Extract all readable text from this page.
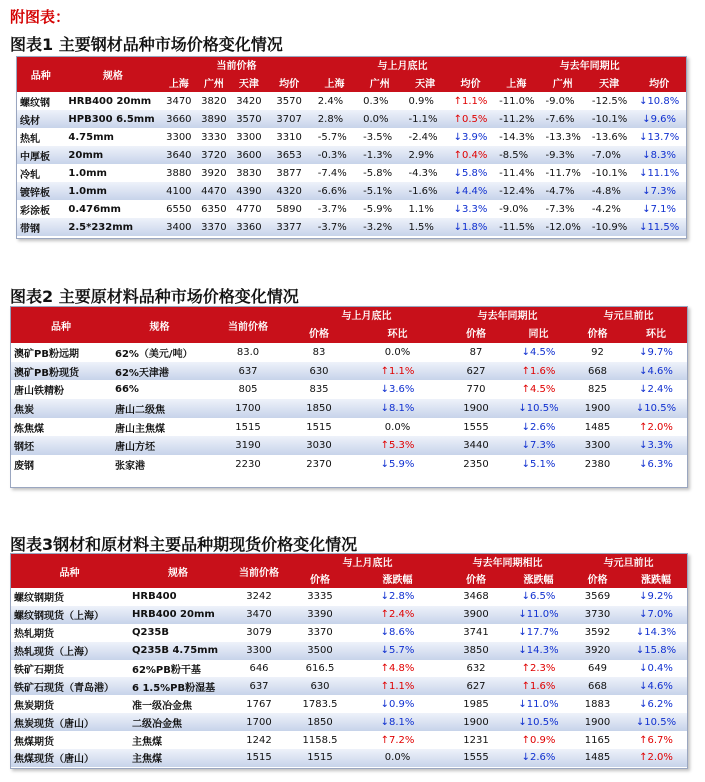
附图表：
图表1 主要钢材品种市场价格变化情况
品种	规格	当前价格				与上月底比				与去年同期比			
		上海	广州	天津	均价	上海	广州	天津	均价	上海	广州	天津	均价
螺纹钢	HRB400 20mm	3470	3820	3420	3570	2.4%	0.3%	0.9%	↑1.1%	-11.0%	-9.0%	-12.5%	↓10.8%
线材	HPB300 6.5mm	3660	3890	3570	3707	2.8%	0.0%	-1.1%	↑0.5%	-11.2%	-7.6%	-10.1%	↓9.6%
热轧	4.75mm	3300	3330	3300	3310	-5.7%	-3.5%	-2.4%	↓3.9%	-14.3%	-13.3%	-13.6%	↓13.7%
中厚板	20mm	3640	3720	3600	3653	-0.3%	-1.3%	2.9%	↑0.4%	-8.5%	-9.3%	-7.0%	↓8.3%
冷轧	1.0mm	3880	3920	3830	3877	-7.4%	-5.8%	-4.3%	↓5.8%	-11.4%	-11.7%	-10.1%	↓11.1%
镀锌板	1.0mm	4100	4470	4390	4320	-6.6%	-5.1%	-1.6%	↓4.4%	-12.4%	-4.7%	-4.8%	↓7.3%
彩涂板	0.476mm	6550	6350	4770	5890	-3.7%	-5.9%	1.1%	↓3.3%	-9.0%	-7.3%	-4.2%	↓7.1%
带钢	2.5*232mm	3400	3370	3360	3377	-3.7%	-3.2%	1.5%	↓1.8%	-11.5%	-12.0%	-10.9%	↓11.5%
图表2 主要原材料品种市场价格变化情况
品种	规格	当前价格	与上月底比		与去年同期比		与元旦前比	
			价格	环比	价格	同比	价格	环比
澳矿PB粉远期	62%（美元/吨）	83.0	83	0.0%	87	↓4.5%	92	↓9.7%
澳矿PB粉现货	62%天津港	637	630	↑1.1%	627	↑1.6%	668	↓4.6%
唐山铁精粉	66%	805	835	↓3.6%	770	↑4.5%	825	↓2.4%
焦炭	唐山二级焦	1700	1850	↓8.1%	1900	↓10.5%	1900	↓10.5%
炼焦煤	唐山主焦煤	1515	1515	0.0%	1555	↓2.6%	1485	↑2.0%
钢坯	唐山方坯	3190	3030	↑5.3%	3440	↓7.3%	3300	↓3.3%
废钢	张家港	2230	2370	↓5.9%	2350	↓5.1%	2380	↓6.3%
图表3钢材和原材料主要品种期现货价格变化情况
品种	规格	当前价格	与上月底比		与去年同期相比		与元旦前比	
			价格	涨跌幅	价格	涨跌幅	价格	涨跌幅
螺纹钢期货	HRB400	3242	3335	↓2.8%	3468	↓6.5%	3569	↓9.2%
螺纹钢现货（上海）	HRB400 20mm	3470	3390	↑2.4%	3900	↓11.0%	3730	↓7.0%
热轧期货	Q235B	3079	3370	↓8.6%	3741	↓17.7%	3592	↓14.3%
热轧现货（上海）	Q235B 4.75mm	3300	3500	↓5.7%	3850	↓14.3%	3920	↓15.8%
铁矿石期货	62%PB粉干基	646	616.5	↑4.8%	632	↑2.3%	649	↓0.4%
铁矿石现货（青岛港）	6 1.5%PB粉湿基	637	630	↑1.1%	627	↑1.6%	668	↓4.6%
焦炭期货	准一级冶金焦	1767	1783.5	↓0.9%	1985	↓11.0%	1883	↓6.2%
焦炭现货（唐山）	二级冶金焦	1700	1850	↓8.1%	1900	↓10.5%	1900	↓10.5%
焦煤期货	主焦煤	1242	1158.5	↑7.2%	1231	↑0.9%	1165	↑6.7%
焦煤现货（唐山）	主焦煤	1515	1515	0.0%	1555	↓2.6%	1485	↑2.0%
